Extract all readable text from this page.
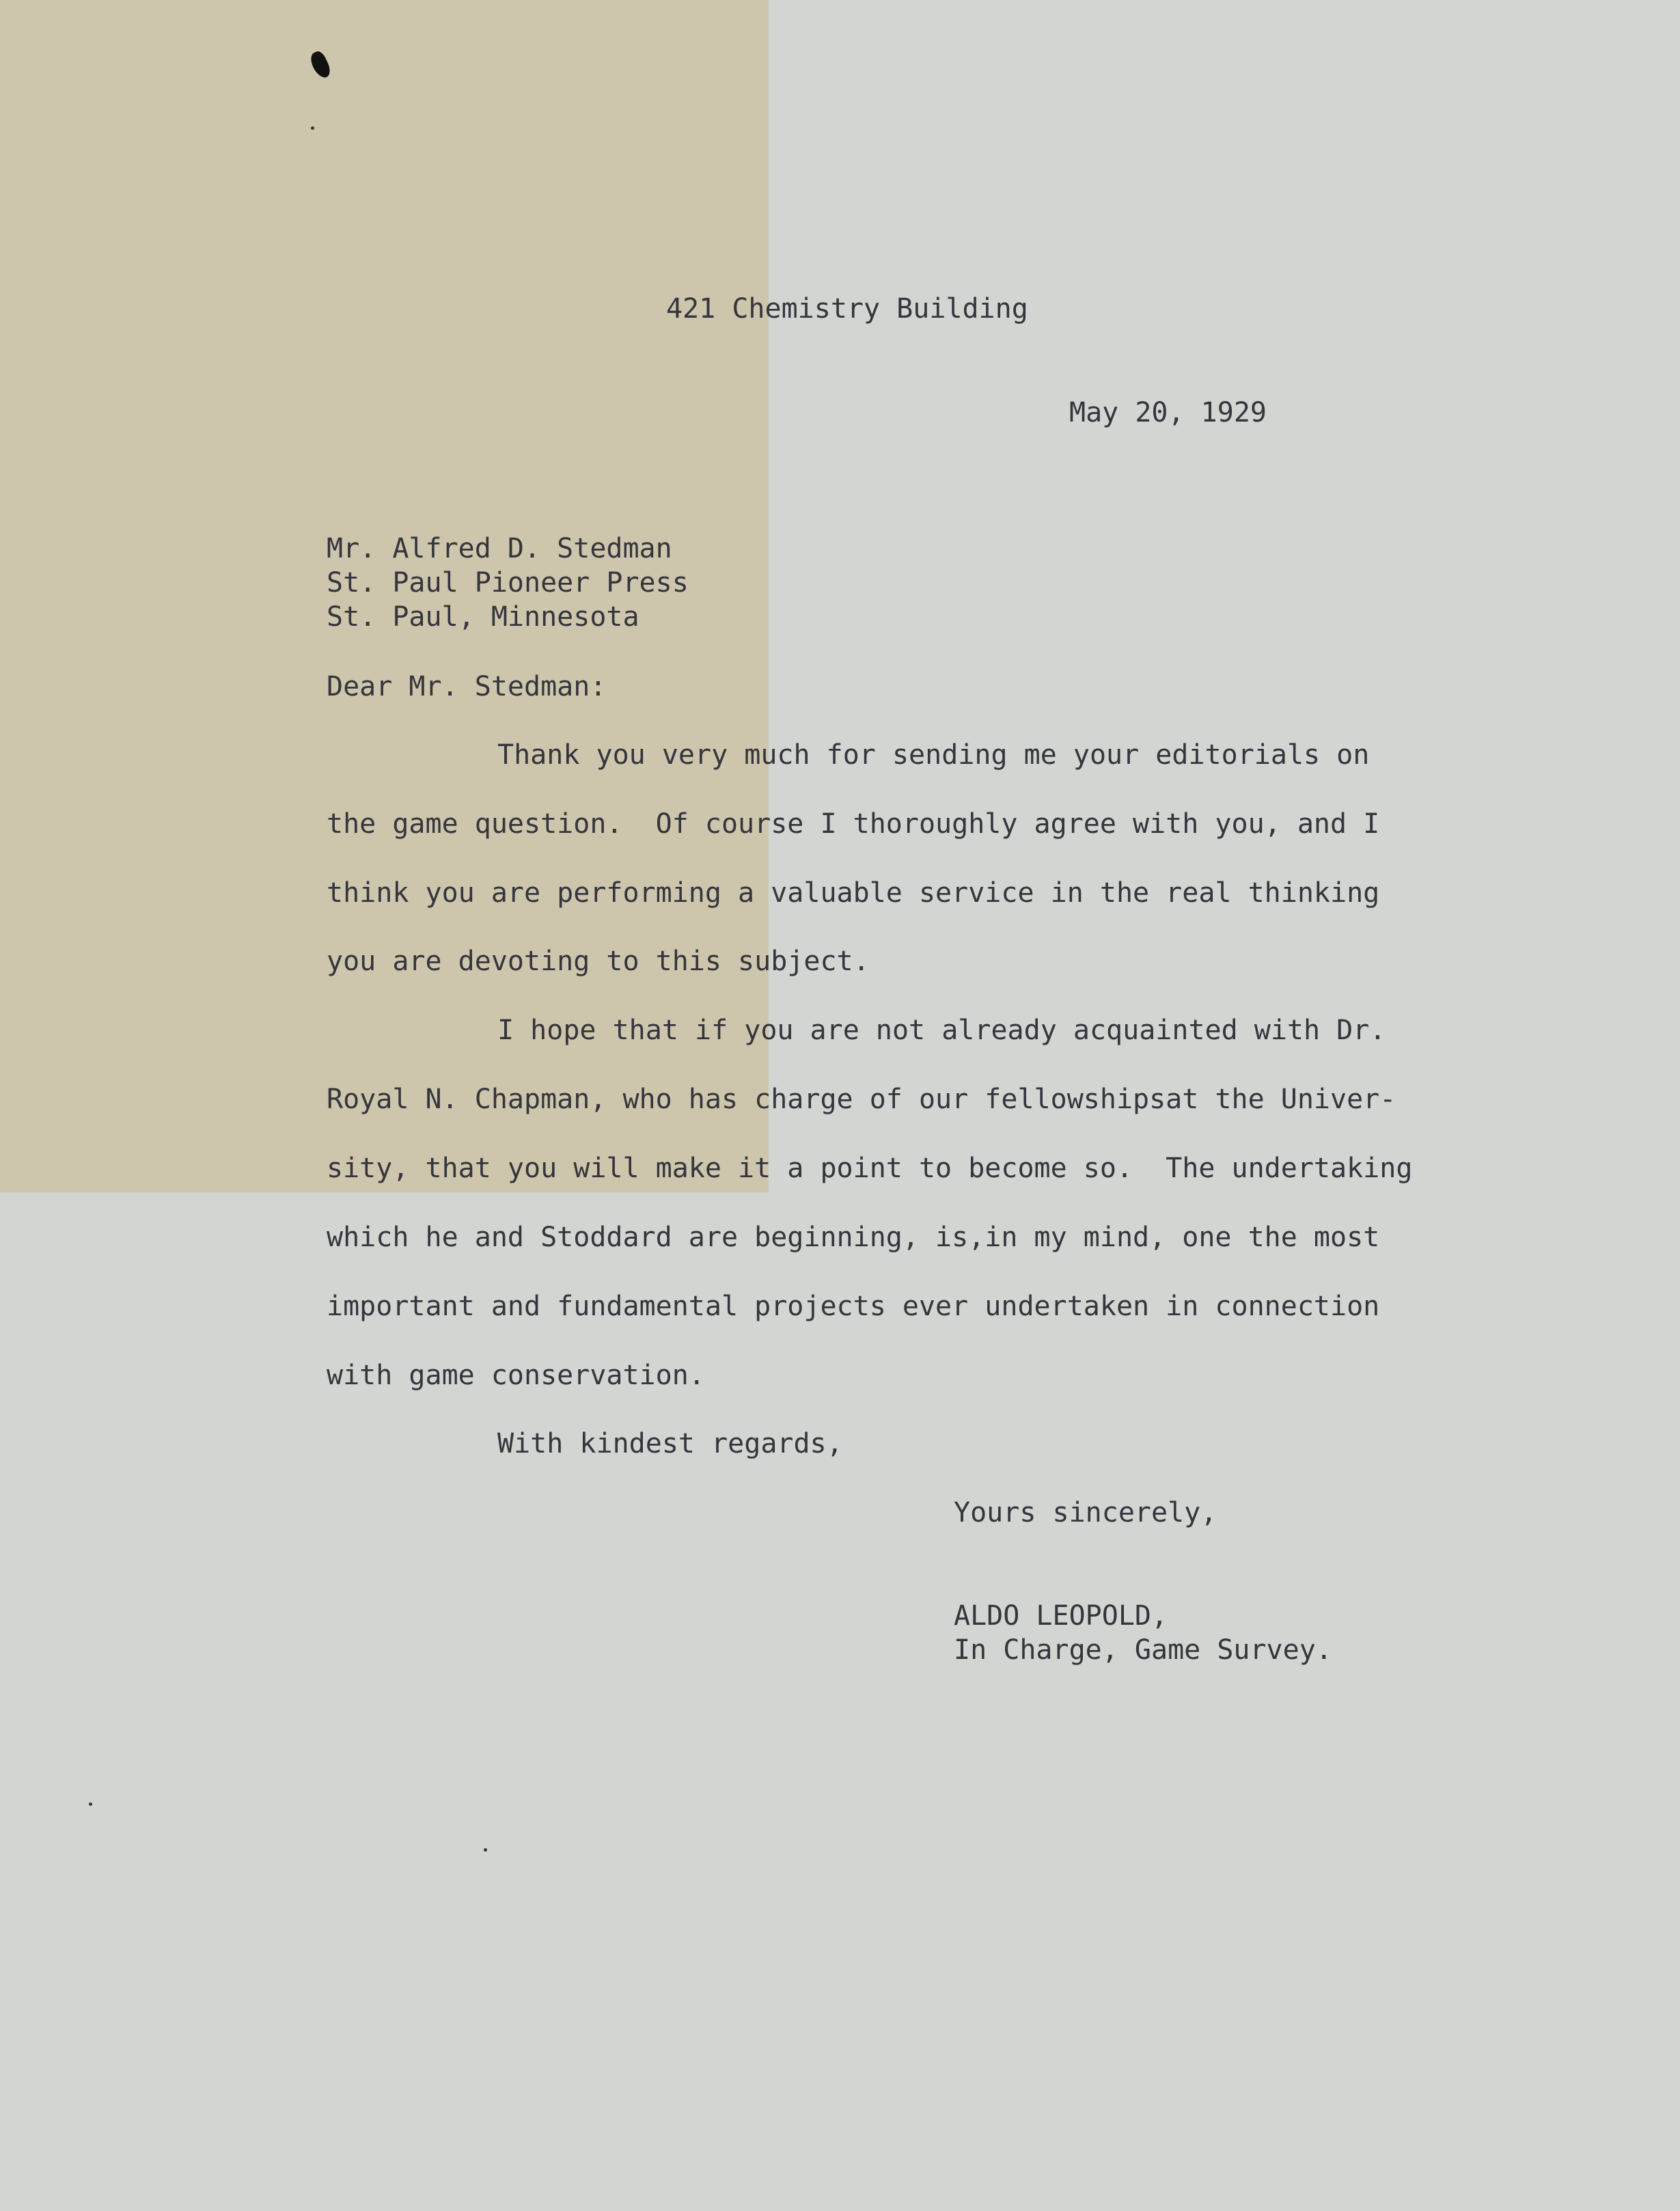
421 Chemistry Building
May 20, 1929
Mr. Alfred D. Stedman
St. Paul Pioneer Press
St. Paul, Minnesota
Dear Mr. Stedman:
Thank you very much for sending me your editorials on
the game question.  Of course I thoroughly agree with you, and I
think you are performing a valuable service in the real thinking
you are devoting to this subject.
I hope that if you are not already acquainted with Dr.
Royal N. Chapman, who has charge of our fellowshipsat the Univer-
sity, that you will make it a point to become so.  The undertaking
which he and Stoddard are beginning, is,in my mind, one the most
important and fundamental projects ever undertaken in connection
with game conservation.
With kindest regards,
Yours sincerely,
ALDO LEOPOLD,
In Charge, Game Survey.
